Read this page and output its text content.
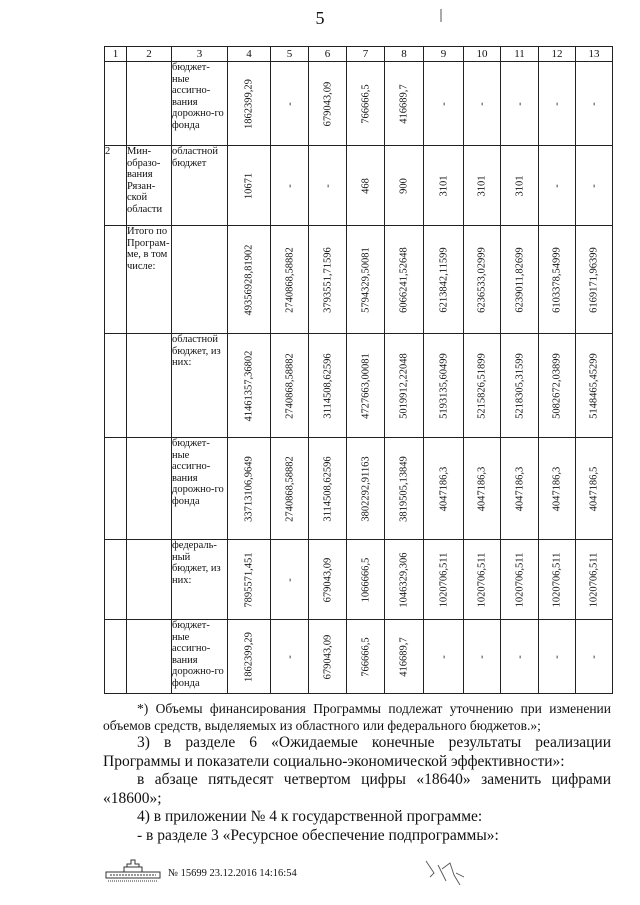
5
1	2	3	4	5	6	7	8	9	10	11	12	13
		бюджет-ные ассигно-вания дорожно-го фонда	1862399,29	-	679043,09	766666,5	416689,7	-	-	-	-	-

2	Мин-образо-вания Рязан-ской области	областной бюджет	10671	-	-	468	900	3101	3101	3101	-	-

	Итого по Програм-ме, в том числе:		49356928,81902	2740868,58882	3793551,71596	5794329,50081	6066241,52648	6213842,11599	6236533,02999	6239011,82699	6103378,54999	6169171,96399

		областной бюджет, из них:	41461357,36802	2740868,58882	3114508,62596	4727663,00081	5019912,22048	5193135,60499	5215826,51899	5218305,31599	5082672,03899	5148465,45299

		бюджет-ные ассигно-вания дорожно-го фонда	33713106,9649	2740868,58882	3114508,62596	3802292,91163	3819505,13849	4047186,3	4047186,3	4047186,3	4047186,3	4047186,5

		федераль-ный бюджет, из них:	7895571,451	-	679043,09	1066666,5	1046329,306	1020706,511	1020706,511	1020706,511	1020706,511	1020706,511

		бюджет-ные ассигно-вания дорожно-го фонда	1862399,29	-	679043,09	766666,5	416689,7	-	-	-	-	-
*) Объемы финансирования Программы подлежат уточнению при изменении объемов средств, выделяемых из областного или федерального бюджетов.»;
3) в разделе 6 «Ожидаемые конечные результаты реализации Программы и показатели социально-экономической эффективности»:
в абзаце пятьдесят четвертом цифры «18640» заменить цифрами «18600»;
4) в приложении № 4 к государственной программе:
- в разделе 3 «Ресурсное обеспечение подпрограммы»:
№ 15699 23.12.2016 14:16:54
